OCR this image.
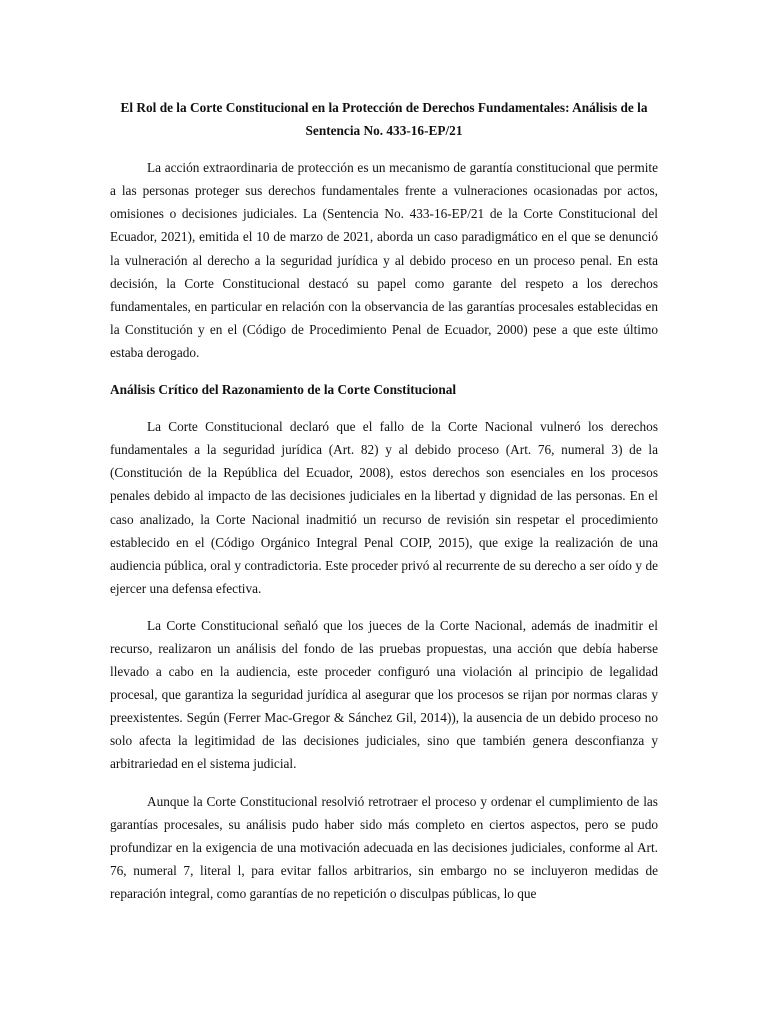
El Rol de la Corte Constitucional en la Protección de Derechos Fundamentales: Análisis de la Sentencia No. 433-16-EP/21

La acción extraordinaria de protección es un mecanismo de garantía constitucional que permite a las personas proteger sus derechos fundamentales frente a vulneraciones ocasionadas por actos, omisiones o decisiones judiciales. La (Sentencia No. 433-16-EP/21 de la Corte Constitucional del Ecuador, 2021), emitida el 10 de marzo de 2021, aborda un caso paradigmático en el que se denunció la vulneración al derecho a la seguridad jurídica y al debido proceso en un proceso penal. En esta decisión, la Corte Constitucional destacó su papel como garante del respeto a los derechos fundamentales, en particular en relación con la observancia de las garantías procesales establecidas en la Constitución y en el (Código de Procedimiento Penal de Ecuador, 2000) pese a que este último estaba derogado.

Análisis Crítico del Razonamiento de la Corte Constitucional

La Corte Constitucional declaró que el fallo de la Corte Nacional vulneró los derechos fundamentales a la seguridad jurídica (Art. 82) y al debido proceso (Art. 76, numeral 3) de la (Constitución de la República del Ecuador, 2008), estos derechos son esenciales en los procesos penales debido al impacto de las decisiones judiciales en la libertad y dignidad de las personas. En el caso analizado, la Corte Nacional inadmitió un recurso de revisión sin respetar el procedimiento establecido en el (Código Orgánico Integral Penal COIP, 2015), que exige la realización de una audiencia pública, oral y contradictoria. Este proceder privó al recurrente de su derecho a ser oído y de ejercer una defensa efectiva.

La Corte Constitucional señaló que los jueces de la Corte Nacional, además de inadmitir el recurso, realizaron un análisis del fondo de las pruebas propuestas, una acción que debía haberse llevado a cabo en la audiencia, este proceder configuró una violación al principio de legalidad procesal, que garantiza la seguridad jurídica al asegurar que los procesos se rijan por normas claras y preexistentes. Según (Ferrer Mac-Gregor & Sánchez Gil, 2014)), la ausencia de un debido proceso no solo afecta la legitimidad de las decisiones judiciales, sino que también genera desconfianza y arbitrariedad en el sistema judicial.

Aunque la Corte Constitucional resolvió retrotraer el proceso y ordenar el cumplimiento de las garantías procesales, su análisis pudo haber sido más completo en ciertos aspectos, pero se pudo profundizar en la exigencia de una motivación adecuada en las decisiones judiciales, conforme al Art. 76, numeral 7, literal l, para evitar fallos arbitrarios, sin embargo no se incluyeron medidas de reparación integral, como garantías de no repetición o disculpas públicas, lo que
